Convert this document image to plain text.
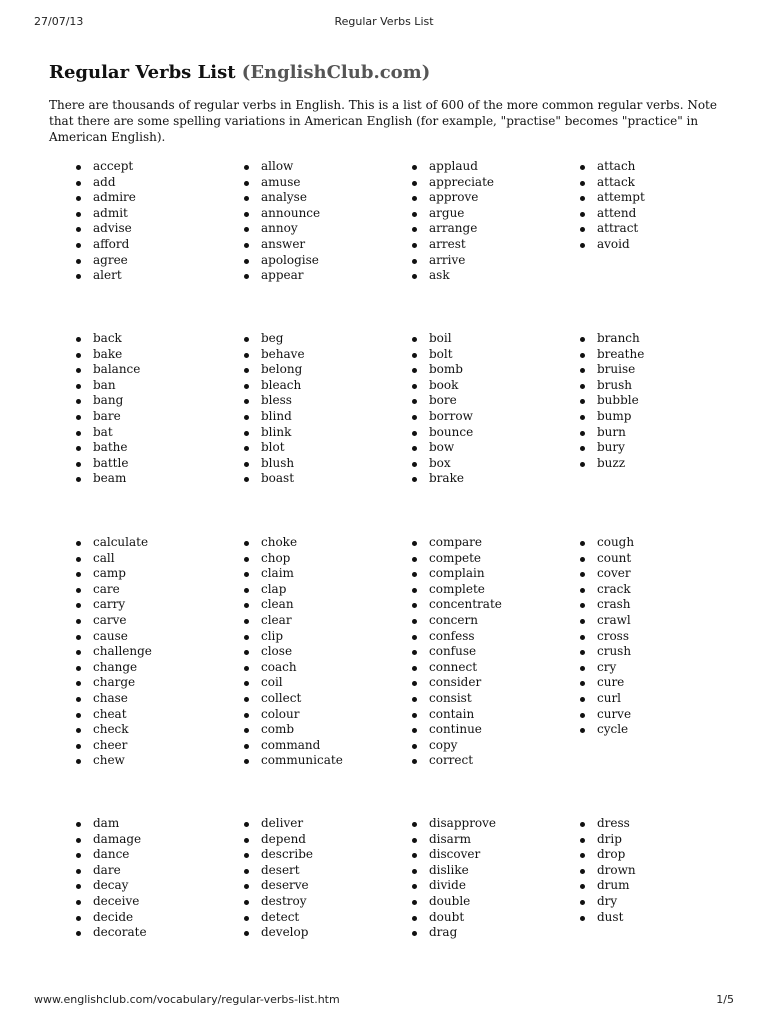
27/07/13	Regular Verbs List
Regular Verbs List (EnglishClub.com)

There are thousands of regular verbs in English. This is a list of 600 of the more common regular verbs. Note that there are some spelling variations in American English (for example, "practise" becomes "practice" in American English).

accept
add
admire
admit
advise
afford
agree
alert
allow
amuse
analyse
announce
annoy
answer
apologise
appear
applaud
appreciate
approve
argue
arrange
arrest
arrive
ask
attach
attack
attempt
attend
attract
avoid
back
bake
balance
ban
bang
bare
bat
bathe
battle
beam
beg
behave
belong
bleach
bless
blind
blink
blot
blush
boast
boil
bolt
bomb
book
bore
borrow
bounce
bow
box
brake
branch
breathe
bruise
brush
bubble
bump
burn
bury
buzz
calculate
call
camp
care
carry
carve
cause
challenge
change
charge
chase
cheat
check
cheer
chew
choke
chop
claim
clap
clean
clear
clip
close
coach
coil
collect
colour
comb
command
communicate
compare
compete
complain
complete
concentrate
concern
confess
confuse
connect
consider
consist
contain
continue
copy
correct
cough
count
cover
crack
crash
crawl
cross
crush
cry
cure
curl
curve
cycle
dam
damage
dance
dare
decay
deceive
decide
decorate
deliver
depend
describe
desert
deserve
destroy
detect
develop
disapprove
disarm
discover
dislike
divide
double
doubt
drag
dress
drip
drop
drown
drum
dry
dust
www.englishclub.com/vocabulary/regular-verbs-list.htm	1/5
